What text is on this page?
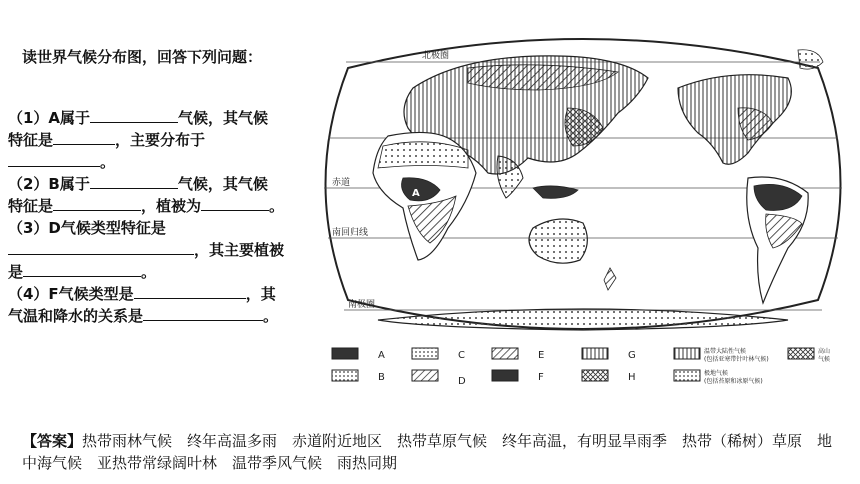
读世界气候分布图，回答下列问题：
（1）A属于	气候，其气候
特征是	，主要分布于
。
（2）B属于	气候，其气候
特征是	，植被为	。
（3）D气候类型特征是
，其主要植被
是	。
（4）F气候类型是	，其
气温和降水的关系是	。
北极圈
赤道
南回归线
南极圈
A
A	C	E	G	温带大陆性气候
(包括亚寒带针叶林气候)
高山
气候
B	D	F	H	极地气候
(包括苔原和冰原气候)
【答案】热带雨林气候　终年高温多雨　赤道附近地区　热带草原气候　终年高温，有明显旱雨季　热带（稀树）草原　地中海气候　亚热带常绿阔叶林　温带季风气候　雨热同期
